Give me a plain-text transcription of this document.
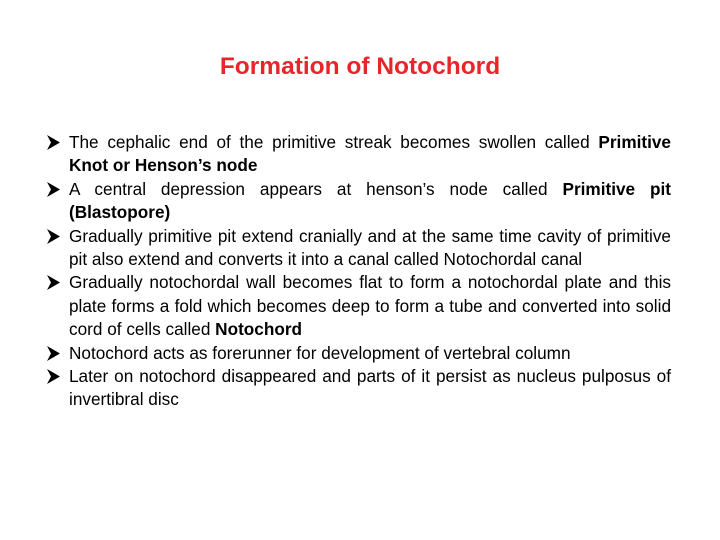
Formation of Notochord
The cephalic end of the primitive streak becomes swollen called Primitive Knot or Henson’s node
A central depression appears at henson’s node called Primitive pit (Blastopore)
Gradually primitive pit extend cranially and at the same time cavity of primitive pit also extend and converts it into a canal called Notochordal canal
Gradually notochordal wall becomes flat to form a notochordal plate and this plate forms a fold which becomes deep to form a tube and converted into solid cord of cells called Notochord
Notochord acts as forerunner for development of vertebral column
Later on notochord disappeared and parts of it persist as nucleus pulposus of invertibral disc
